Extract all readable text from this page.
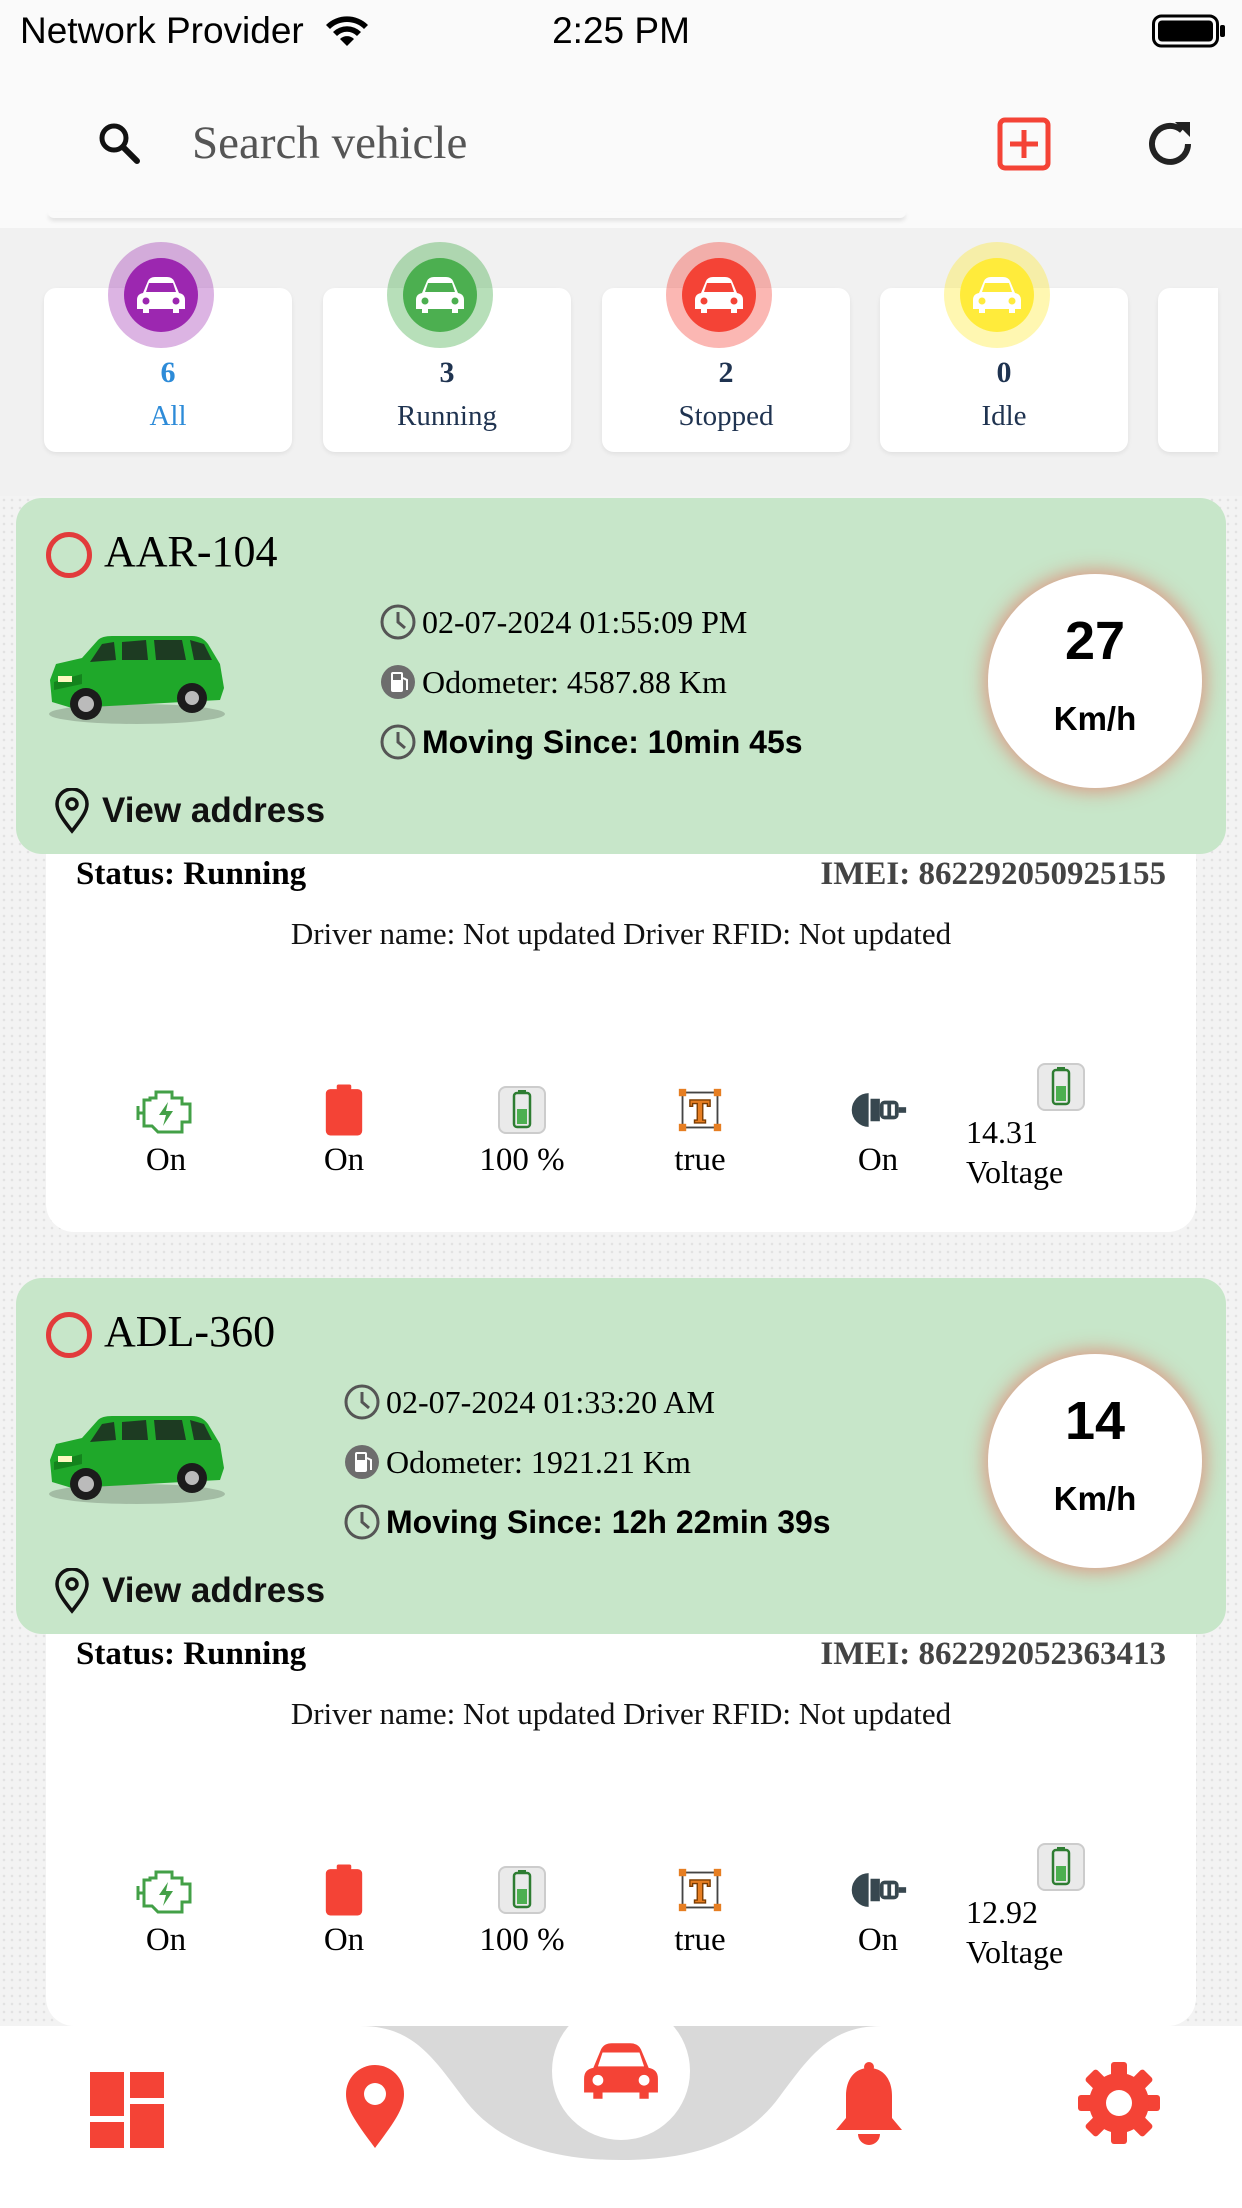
Network Provider	2:25 PM
Search vehicle
6
All
3
Running
2
Stopped
0
Idle
Status: Running	IMEI: 862292050925155
Driver name: Not updated Driver RFID: Not updated
On	On	100 %	true	On
14.31
Voltage
AAR-104
02-07-2024 01:55:09 PM
Odometer: 4587.88 Km
Moving Since: 10min 45s
View address
27
Km/h
Status: Running	IMEI: 862292052363413
Driver name: Not updated Driver RFID: Not updated
On	On	100 %	true	On
12.92
Voltage
ADL-360
02-07-2024 01:33:20 AM
Odometer: 1921.21 Km
Moving Since: 12h 22min 39s
View address
14
Km/h
